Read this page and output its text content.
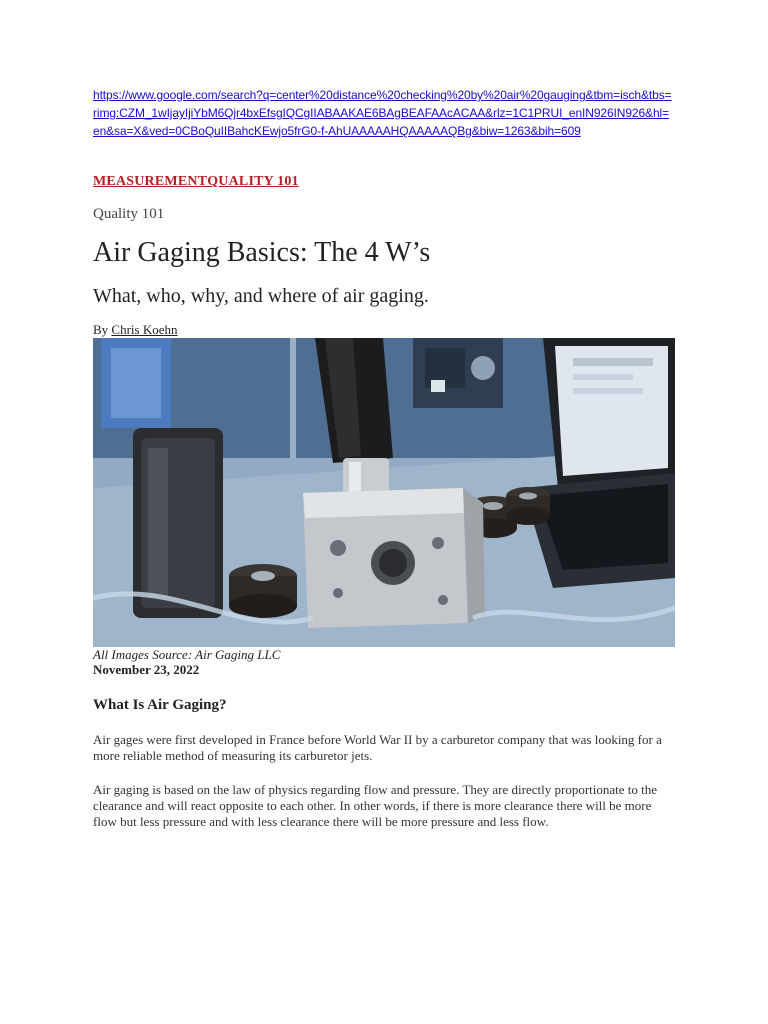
https://www.google.com/search?q=center%20distance%20checking%20by%20air%20gauging&tbm=isch&tbs=rimg:CZM_1wIjayIjiYbM6Qjr4bxEfsgIQCgIIABAAKAE6BAgBEAFAAcACAA&rlz=1C1PRUI_enIN926IN926&hl=en&sa=X&ved=0CBoQuIIBahcKEwjo5frG0-f-AhUAAAAAHQAAAAAQBg&biw=1263&bih=609
MEASUREMENTQUALITY 101
Quality 101
Air Gaging Basics: The 4 W’s
What, who, why, and where of air gaging.
By Chris Koehn
All Images Source: Air Gaging LLC
November 23, 2022
What Is Air Gaging?
Air gages were first developed in France before World War II by a carburetor company that was looking for a more reliable method of measuring its carburetor jets.
Air gaging is based on the law of physics regarding flow and pressure. They are directly proportionate to the clearance and will react opposite to each other. In other words, if there is more clearance there will be more flow but less pressure and with less clearance there will be more pressure and less flow.
